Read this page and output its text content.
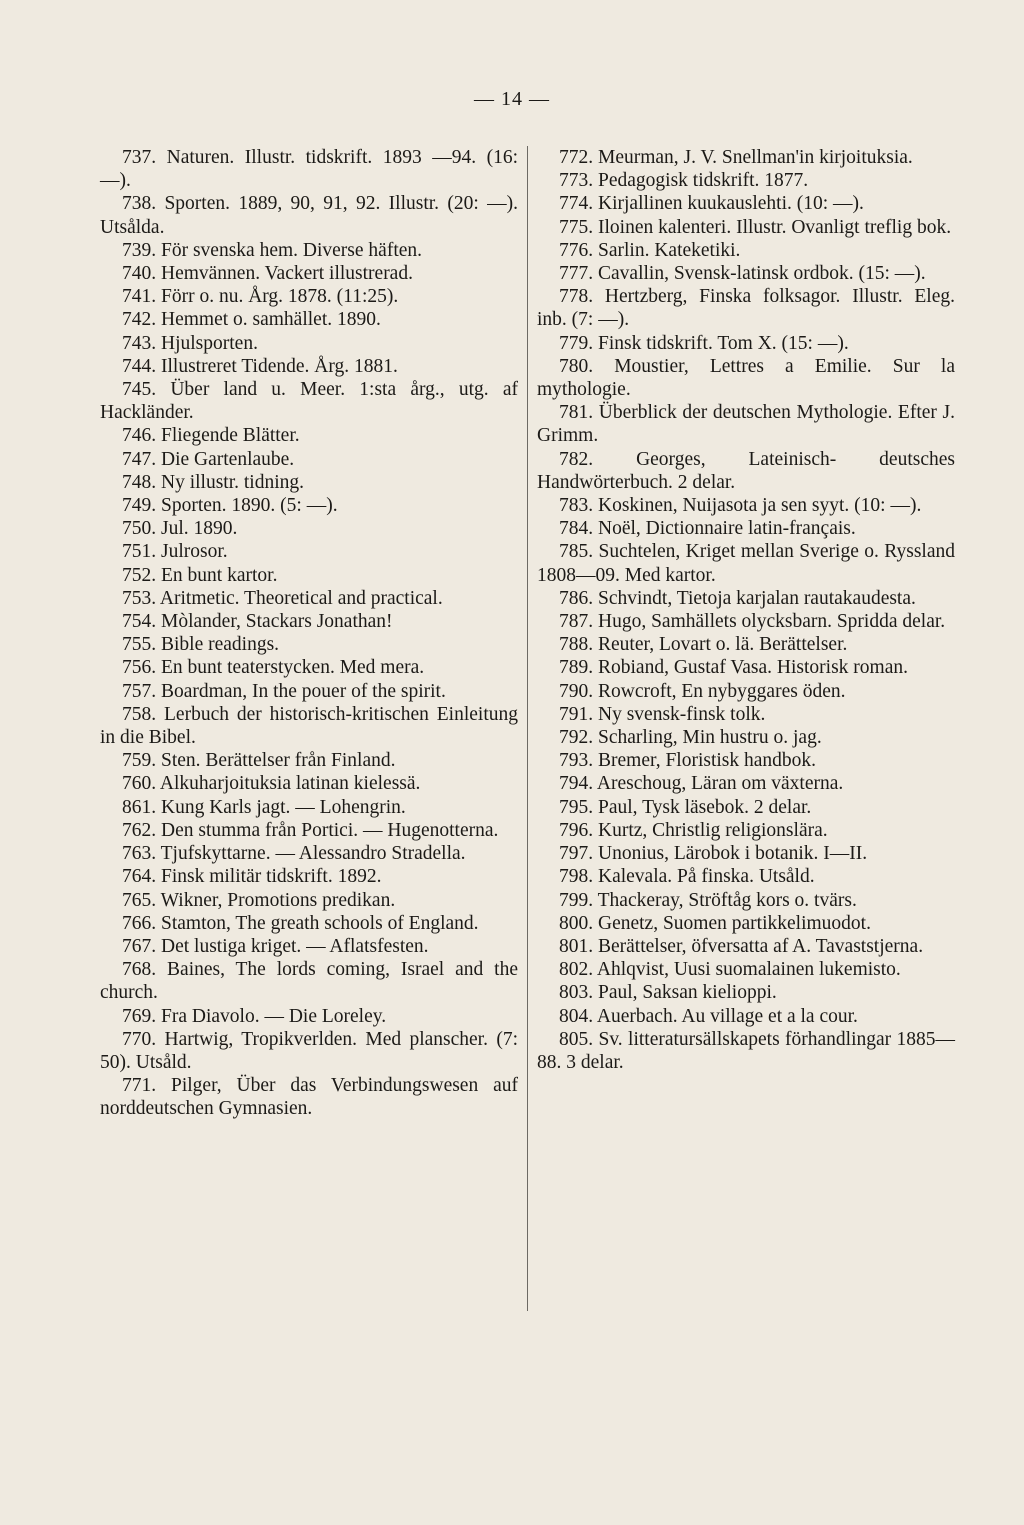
— 14 —

737. Naturen. Illustr. tidskrift. 1893 —94. (16: —).

738. Sporten. 1889, 90, 91, 92. Illustr. (20: —). Utsålda.

739. För svenska hem. Diverse häften.

740. Hemvännen. Vackert illustrerad.

741. Förr o. nu. Årg. 1878. (11:25).

742. Hemmet o. samhället. 1890.

743. Hjulsporten.

744. Illustreret Tidende. Årg. 1881.

745. Über land u. Meer. 1:sta årg., utg. af Hackländer.

746. Fliegende Blätter.

747. Die Gartenlaube.

748. Ny illustr. tidning.

749. Sporten. 1890. (5: —).

750. Jul. 1890.

751. Julrosor.

752. En bunt kartor.

753. Aritmetic. Theoretical and practical.

754. Mòlander, Stackars Jonathan!

755. Bible readings.

756. En bunt teaterstycken. Med mera.

757. Boardman, In the pouer of the spirit.

758. Lerbuch der historisch-kritischen Einleitung in die Bibel.

759. Sten. Berättelser från Finland.

760. Alkuharjoituksia latinan kielessä.

861. Kung Karls jagt. — Lohengrin.

762. Den stumma från Portici. — Hugenotterna.

763. Tjufskyttarne. — Alessandro Stradella.

764. Finsk militär tidskrift. 1892.

765. Wikner, Promotions predikan.

766. Stamton, The greath schools of England.

767. Det lustiga kriget. — Aflatsfesten.

768. Baines, The lords coming, Israel and the church.

769. Fra Diavolo. — Die Loreley.

770. Hartwig, Tropikverlden. Med planscher. (7: 50). Utsåld.

771. Pilger, Über das Verbindungswesen auf norddeutschen Gymnasien.

772. Meurman, J. V. Snellman'in kirjoituksia.

773. Pedagogisk tidskrift. 1877.

774. Kirjallinen kuukauslehti. (10: —).

775. Iloinen kalenteri. Illustr. Ovanligt treflig bok.

776. Sarlin. Kateketiki.

777. Cavallin, Svensk-latinsk ordbok. (15: —).

778. Hertzberg, Finska folksagor. Illustr. Eleg. inb. (7: —).

779. Finsk tidskrift. Tom X. (15: —).

780. Moustier, Lettres a Emilie. Sur la mythologie.

781. Überblick der deutschen Mythologie. Efter J. Grimm.

782. Georges, Lateinisch- deutsches Handwörterbuch. 2 delar.

783. Koskinen, Nuijasota ja sen syyt. (10: —).

784. Noël, Dictionnaire latin-français.

785. Suchtelen, Kriget mellan Sverige o. Ryssland 1808—09. Med kartor.

786. Schvindt, Tietoja karjalan rautakaudesta.

787. Hugo, Samhällets olycksbarn. Spridda delar.

788. Reuter, Lovart o. lä. Berättelser.

789. Robiand, Gustaf Vasa. Historisk roman.

790. Rowcroft, En nybyggares öden.

791. Ny svensk-finsk tolk.

792. Scharling, Min hustru o. jag.

793. Bremer, Floristisk handbok.

794. Areschoug, Läran om växterna.

795. Paul, Tysk läsebok. 2 delar.

796. Kurtz, Christlig religionslära.

797. Unonius, Lärobok i botanik. I—II.

798. Kalevala. På finska. Utsåld.

799. Thackeray, Ströftåg kors o. tvärs.

800. Genetz, Suomen partikkelimuodot.

801. Berättelser, öfversatta af A. Tavaststjerna.

802. Ahlqvist, Uusi suomalainen lukemisto.

803. Paul, Saksan kielioppi.

804. Auerbach. Au village et a la cour.

805. Sv. litteratursällskapets förhandlingar 1885—88. 3 delar.
